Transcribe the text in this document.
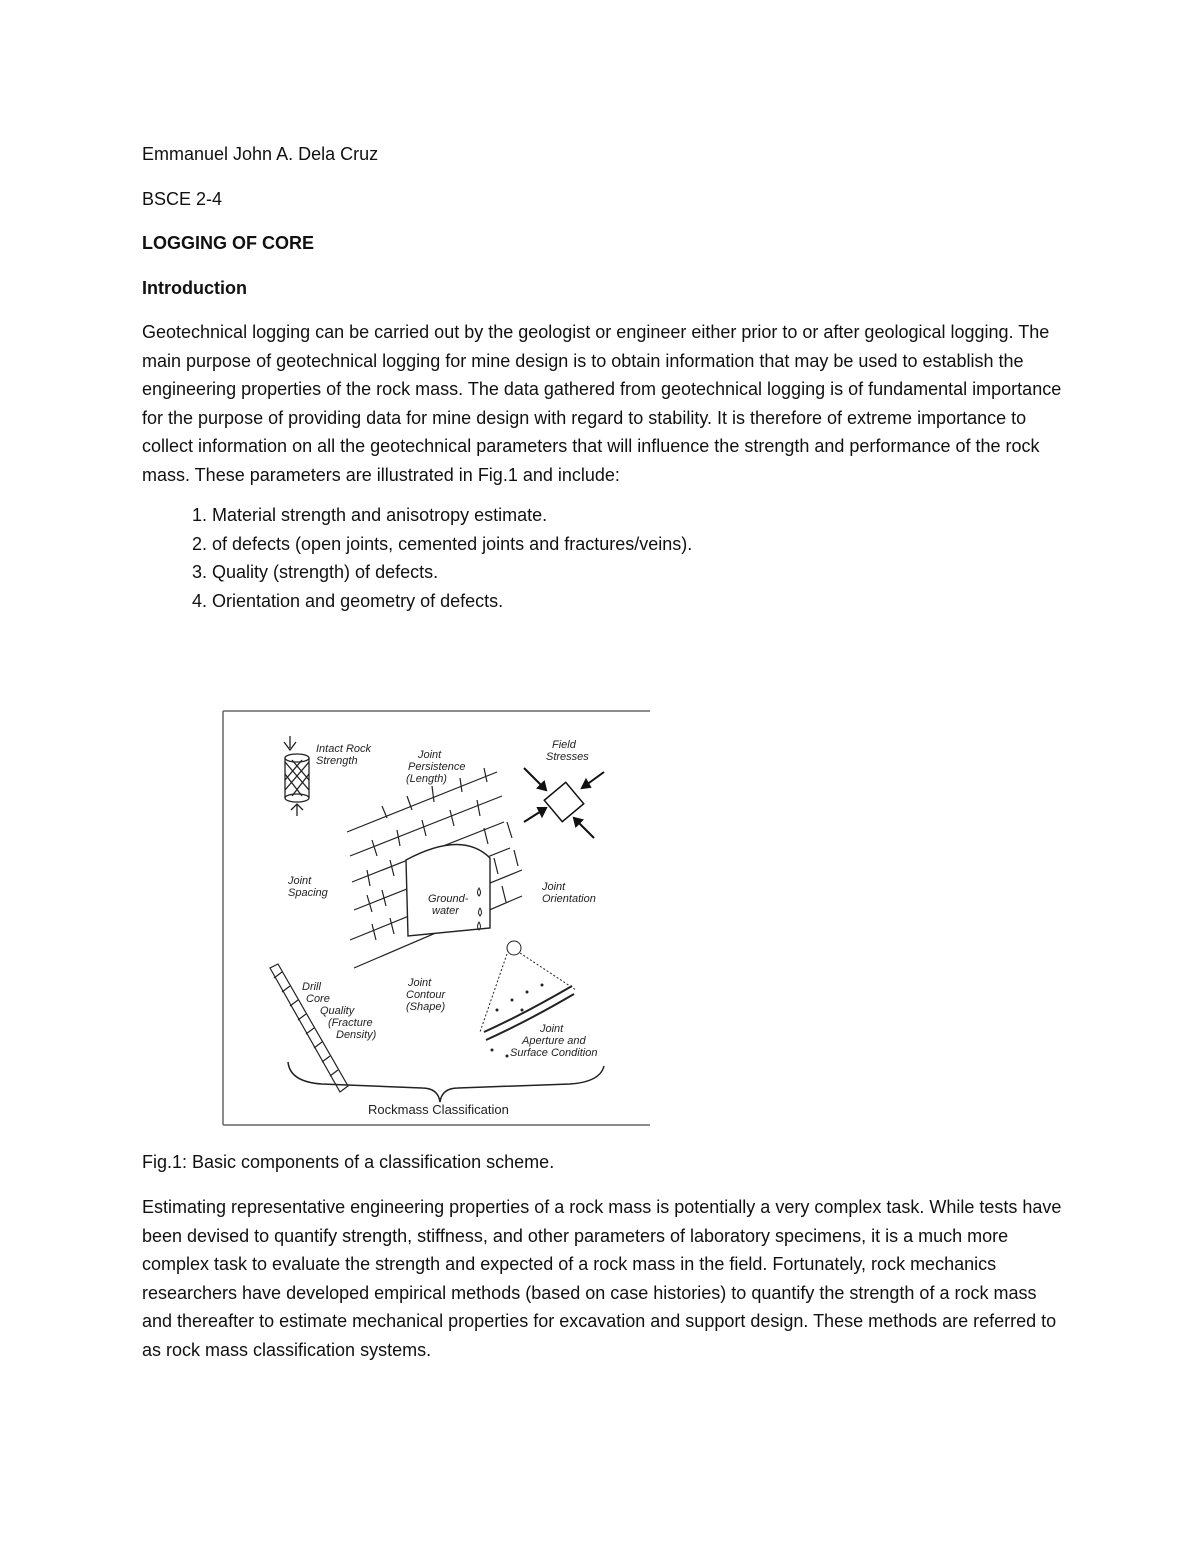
Emmanuel John A. Dela Cruz

BSCE 2-4

LOGGING OF CORE

Introduction

Geotechnical logging can be carried out by the geologist or engineer either prior to or after geological logging. The main purpose of geotechnical logging for mine design is to obtain information that may be used to establish the engineering properties of the rock mass. The data gathered from geotechnical logging is of fundamental importance for the purpose of providing data for mine design with regard to stability. It is therefore of extreme importance to collect information on all the geotechnical parameters that will influence the strength and performance of the rock mass. These parameters are illustrated in Fig.1 and include:

1. Material strength and anisotropy estimate.
2. of defects (open joints, cemented joints and fractures/veins).
3. Quality (strength) of defects.
4. Orientation and geometry of defects.
Intact Rock
Strength	Joint
Persistence
(Length)
Field
Stresses
Joint
Spacing	Ground-
water
Joint
Orientation
Drill
Core
Quality
(Fracture
Density)
Joint
Contour
(Shape)
Joint
Aperture and
Surface Condition
Rockmass Classification

Fig.1: Basic components of a classification scheme.

Estimating representative engineering properties of a rock mass is potentially a very complex task. While tests have been devised to quantify strength, stiffness, and other parameters of laboratory specimens, it is a much more complex task to evaluate the strength and expected of a rock mass in the field. Fortunately, rock mechanics researchers have developed empirical methods (based on case histories) to quantify the strength of a rock mass and thereafter to estimate mechanical properties for excavation and support design. These methods are referred to as rock mass classification systems.
